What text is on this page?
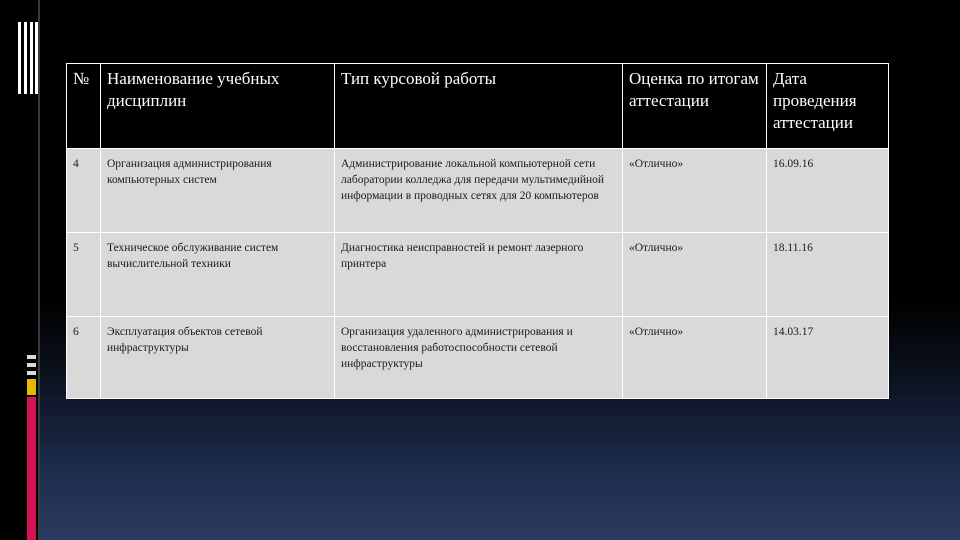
№	Наименование учебных дисциплин	Тип курсовой работы	Оценка по итогам аттестации	Дата проведения аттестации
4	Организация администрирования компьютерных систем	Администрирование локальной компьютерной сети лаборатории колледжа для передачи мультимедийной информации в проводных сетях для 20 компьютеров	«Отлично»	16.09.16
5	Техническое обслуживание систем вычислительной техники	Диагностика неисправностей и ремонт лазерного принтера	«Отлично»	18.11.16
6	Эксплуатация объектов сетевой инфраструктуры	Организация удаленного администрирования и восстановления работоспособности сетевой инфраструктуры	«Отлично»	14.03.17
